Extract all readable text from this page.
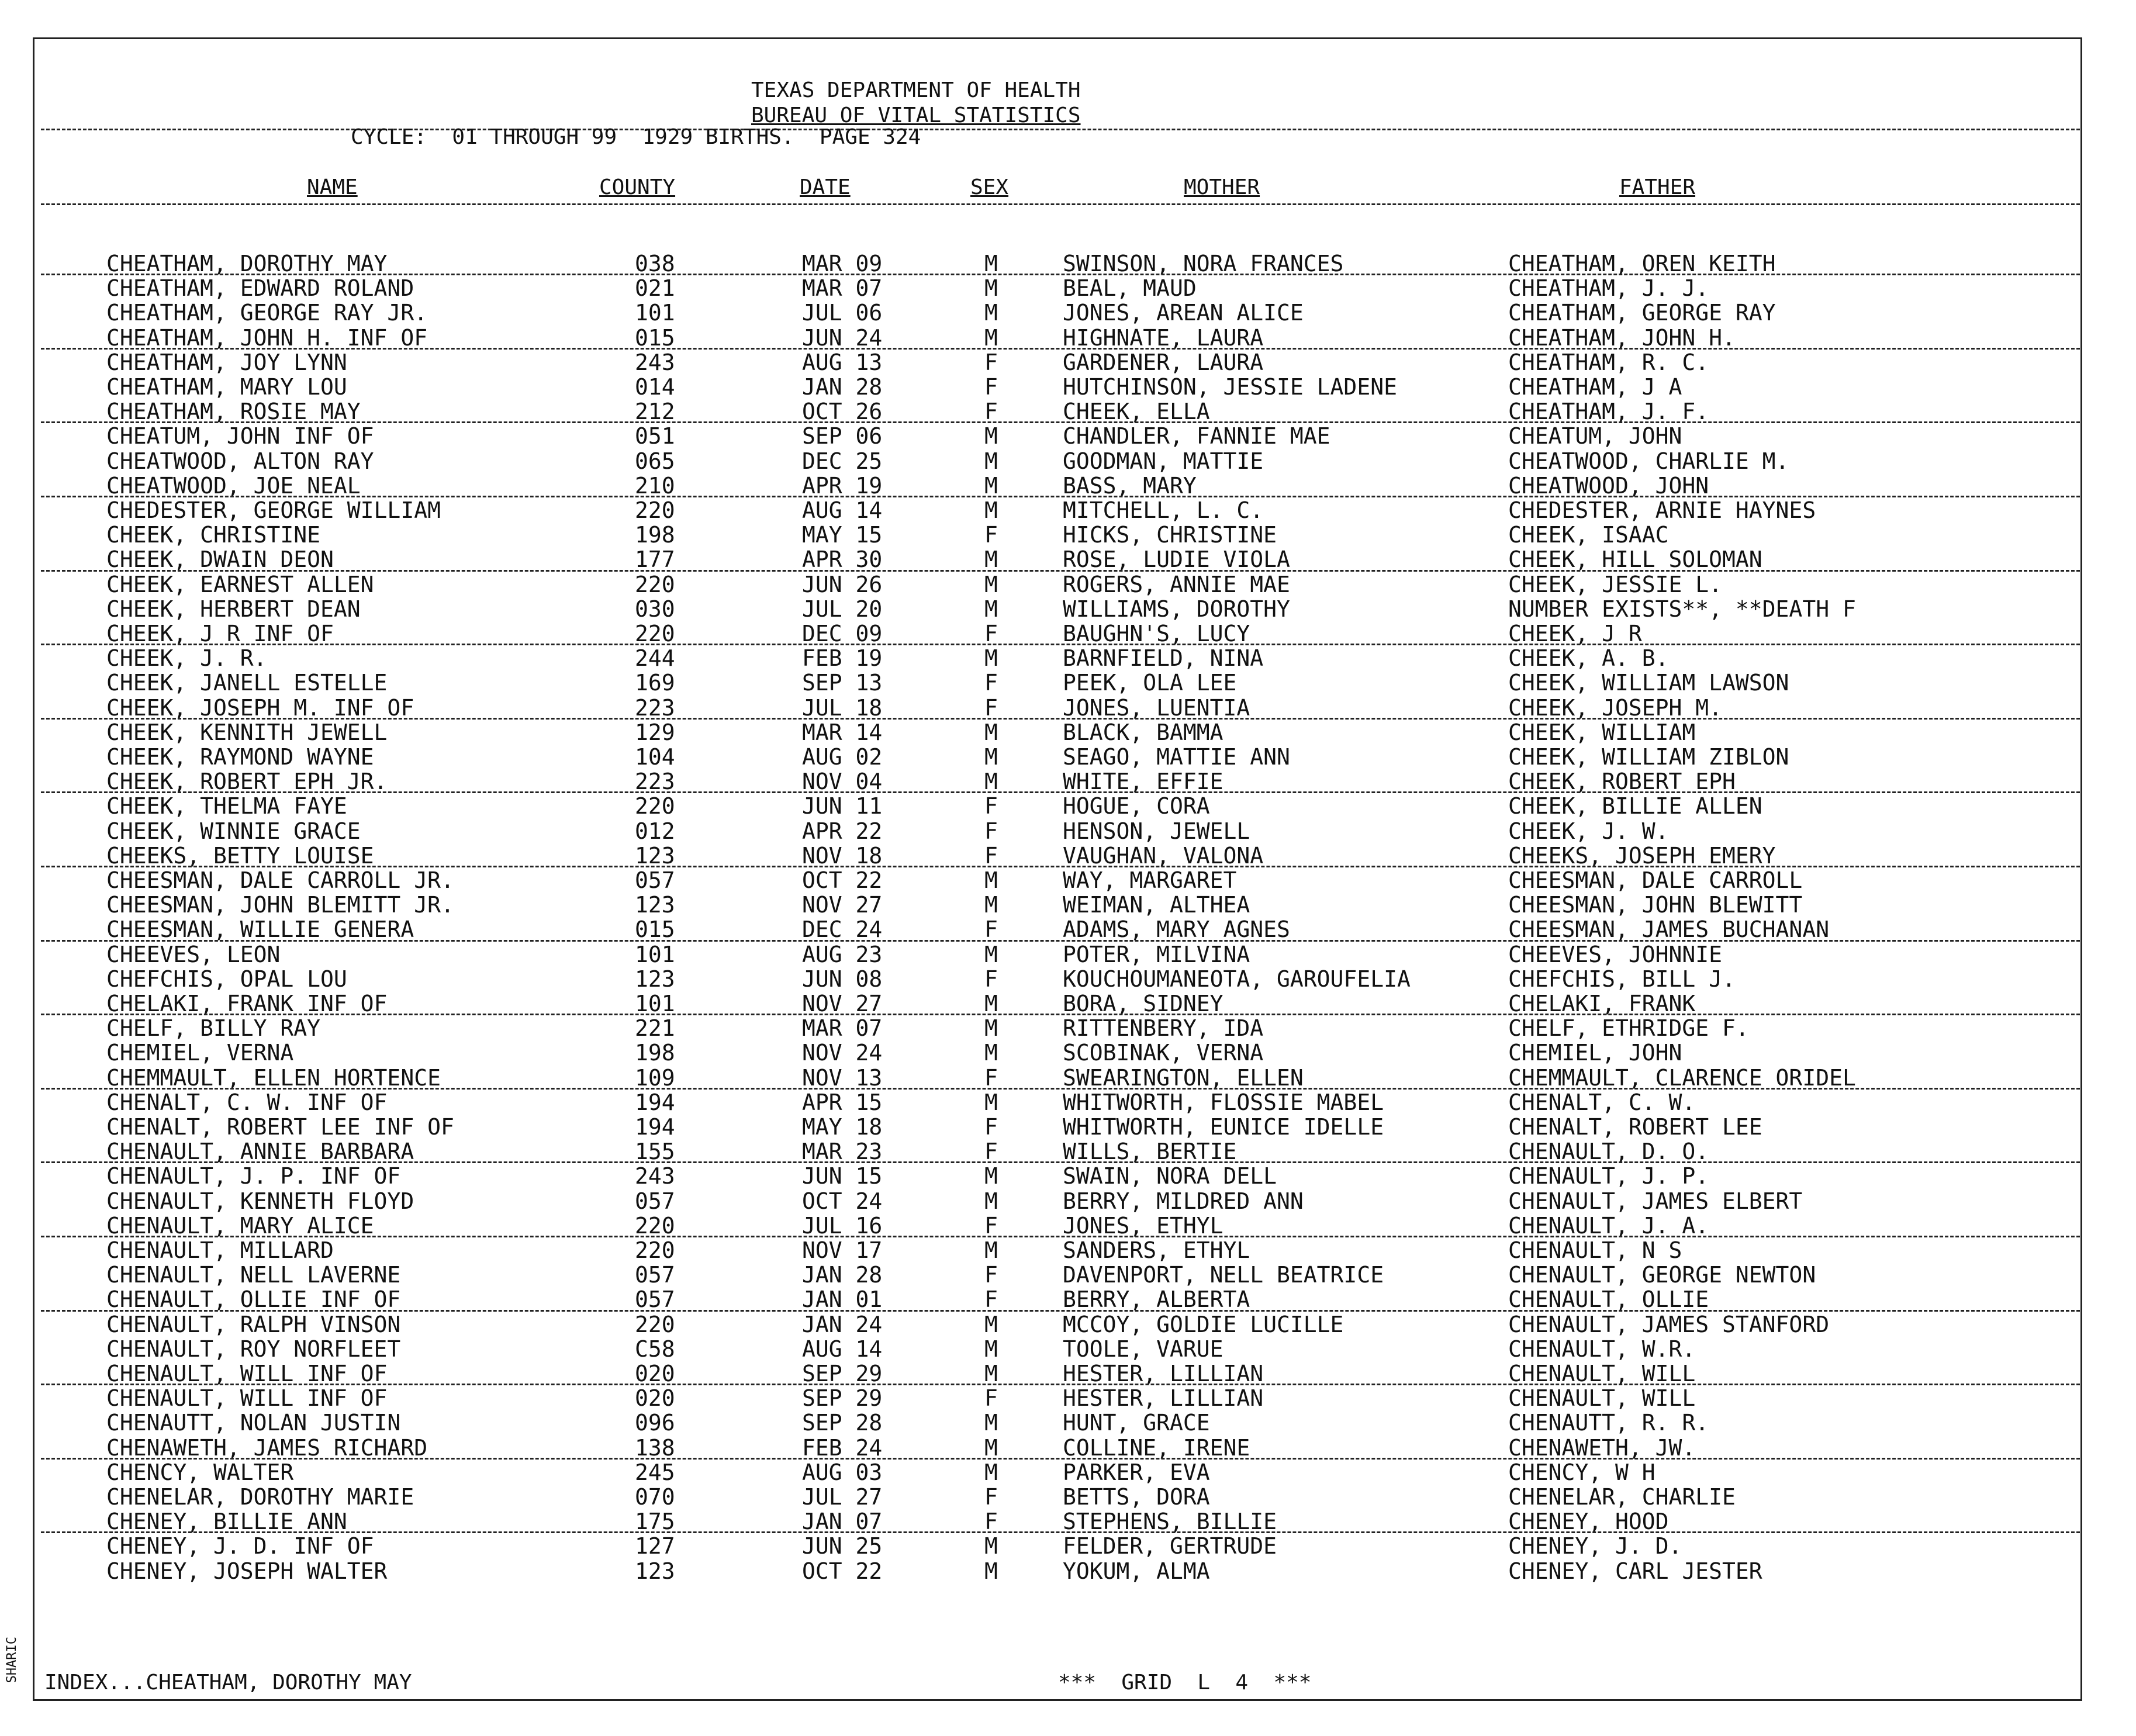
TEXAS DEPARTMENT OF HEALTH
BUREAU OF VITAL STATISTICS
CYCLE:  01 THROUGH 99  1929 BIRTHS.  PAGE 324
NAME	COUNTY	DATE	SEX	MOTHER	FATHER
CHEATHAM, DOROTHY MAY	038	MAR 09	M	SWINSON, NORA FRANCES	CHEATHAM, OREN KEITH
CHEATHAM, EDWARD ROLAND	021	MAR 07	M	BEAL, MAUD	CHEATHAM, J. J.
CHEATHAM, GEORGE RAY JR.	101	JUL 06	M	JONES, AREAN ALICE	CHEATHAM, GEORGE RAY
CHEATHAM, JOHN H. INF OF	015	JUN 24	M	HIGHNATE, LAURA	CHEATHAM, JOHN H.
CHEATHAM, JOY LYNN	243	AUG 13	F	GARDENER, LAURA	CHEATHAM, R. C.
CHEATHAM, MARY LOU	014	JAN 28	F	HUTCHINSON, JESSIE LADENE	CHEATHAM, J A
CHEATHAM, ROSIE MAY	212	OCT 26	F	CHEEK, ELLA	CHEATHAM, J. F.
CHEATUM, JOHN INF OF	051	SEP 06	M	CHANDLER, FANNIE MAE	CHEATUM, JOHN
CHEATWOOD, ALTON RAY	065	DEC 25	M	GOODMAN, MATTIE	CHEATWOOD, CHARLIE M.
CHEATWOOD, JOE NEAL	210	APR 19	M	BASS, MARY	CHEATWOOD, JOHN
CHEDESTER, GEORGE WILLIAM	220	AUG 14	M	MITCHELL, L. C.	CHEDESTER, ARNIE HAYNES
CHEEK, CHRISTINE	198	MAY 15	F	HICKS, CHRISTINE	CHEEK, ISAAC
CHEEK, DWAIN DEON	177	APR 30	M	ROSE, LUDIE VIOLA	CHEEK, HILL SOLOMAN
CHEEK, EARNEST ALLEN	220	JUN 26	M	ROGERS, ANNIE MAE	CHEEK, JESSIE L.
CHEEK, HERBERT DEAN	030	JUL 20	M	WILLIAMS, DOROTHY	NUMBER EXISTS**, **DEATH F
CHEEK, J R INF OF	220	DEC 09	F	BAUGHN'S, LUCY	CHEEK, J R
CHEEK, J. R.	244	FEB 19	M	BARNFIELD, NINA	CHEEK, A. B.
CHEEK, JANELL ESTELLE	169	SEP 13	F	PEEK, OLA LEE	CHEEK, WILLIAM LAWSON
CHEEK, JOSEPH M. INF OF	223	JUL 18	F	JONES, LUENTIA	CHEEK, JOSEPH M.
CHEEK, KENNITH JEWELL	129	MAR 14	M	BLACK, BAMMA	CHEEK, WILLIAM
CHEEK, RAYMOND WAYNE	104	AUG 02	M	SEAGO, MATTIE ANN	CHEEK, WILLIAM ZIBLON
CHEEK, ROBERT EPH JR.	223	NOV 04	M	WHITE, EFFIE	CHEEK, ROBERT EPH
CHEEK, THELMA FAYE	220	JUN 11	F	HOGUE, CORA	CHEEK, BILLIE ALLEN
CHEEK, WINNIE GRACE	012	APR 22	F	HENSON, JEWELL	CHEEK, J. W.
CHEEKS, BETTY LOUISE	123	NOV 18	F	VAUGHAN, VALONA	CHEEKS, JOSEPH EMERY
CHEESMAN, DALE CARROLL JR.	057	OCT 22	M	WAY, MARGARET	CHEESMAN, DALE CARROLL
CHEESMAN, JOHN BLEMITT JR.	123	NOV 27	M	WEIMAN, ALTHEA	CHEESMAN, JOHN BLEWITT
CHEESMAN, WILLIE GENERA	015	DEC 24	F	ADAMS, MARY AGNES	CHEESMAN, JAMES BUCHANAN
CHEEVES, LEON	101	AUG 23	M	POTER, MILVINA	CHEEVES, JOHNNIE
CHEFCHIS, OPAL LOU	123	JUN 08	F	KOUCHOUMANEOTA, GAROUFELIA	CHEFCHIS, BILL J.
CHELAKI, FRANK INF OF	101	NOV 27	M	BORA, SIDNEY	CHELAKI, FRANK
CHELF, BILLY RAY	221	MAR 07	M	RITTENBERY, IDA	CHELF, ETHRIDGE F.
CHEMIEL, VERNA	198	NOV 24	M	SCOBINAK, VERNA	CHEMIEL, JOHN
CHEMMAULT, ELLEN HORTENCE	109	NOV 13	F	SWEARINGTON, ELLEN	CHEMMAULT, CLARENCE ORIDEL
CHENALT, C. W. INF OF	194	APR 15	M	WHITWORTH, FLOSSIE MABEL	CHENALT, C. W.
CHENALT, ROBERT LEE INF OF	194	MAY 18	F	WHITWORTH, EUNICE IDELLE	CHENALT, ROBERT LEE
CHENAULT, ANNIE BARBARA	155	MAR 23	F	WILLS, BERTIE	CHENAULT, D. O.
CHENAULT, J. P. INF OF	243	JUN 15	M	SWAIN, NORA DELL	CHENAULT, J. P.
CHENAULT, KENNETH FLOYD	057	OCT 24	M	BERRY, MILDRED ANN	CHENAULT, JAMES ELBERT
CHENAULT, MARY ALICE	220	JUL 16	F	JONES, ETHYL	CHENAULT, J. A.
CHENAULT, MILLARD	220	NOV 17	M	SANDERS, ETHYL	CHENAULT, N S
CHENAULT, NELL LAVERNE	057	JAN 28	F	DAVENPORT, NELL BEATRICE	CHENAULT, GEORGE NEWTON
CHENAULT, OLLIE INF OF	057	JAN 01	F	BERRY, ALBERTA	CHENAULT, OLLIE
CHENAULT, RALPH VINSON	220	JAN 24	M	MCCOY, GOLDIE LUCILLE	CHENAULT, JAMES STANFORD
CHENAULT, ROY NORFLEET	C58	AUG 14	M	TOOLE, VARUE	CHENAULT, W.R.
CHENAULT, WILL INF OF	020	SEP 29	M	HESTER, LILLIAN	CHENAULT, WILL
CHENAULT, WILL INF OF	020	SEP 29	F	HESTER, LILLIAN	CHENAULT, WILL
CHENAUTT, NOLAN JUSTIN	096	SEP 28	M	HUNT, GRACE	CHENAUTT, R. R.
CHENAWETH, JAMES RICHARD	138	FEB 24	M	COLLINE, IRENE	CHENAWETH, JW.
CHENCY, WALTER	245	AUG 03	M	PARKER, EVA	CHENCY, W H
CHENELAR, DOROTHY MARIE	070	JUL 27	F	BETTS, DORA	CHENELAR, CHARLIE
CHENEY, BILLIE ANN	175	JAN 07	F	STEPHENS, BILLIE	CHENEY, HOOD
CHENEY, J. D. INF OF	127	JUN 25	M	FELDER, GERTRUDE	CHENEY, J. D.
CHENEY, JOSEPH WALTER	123	OCT 22	M	YOKUM, ALMA	CHENEY, CARL JESTER
INDEX...CHEATHAM, DOROTHY MAY	***  GRID  L  4  ***
SHARIC
